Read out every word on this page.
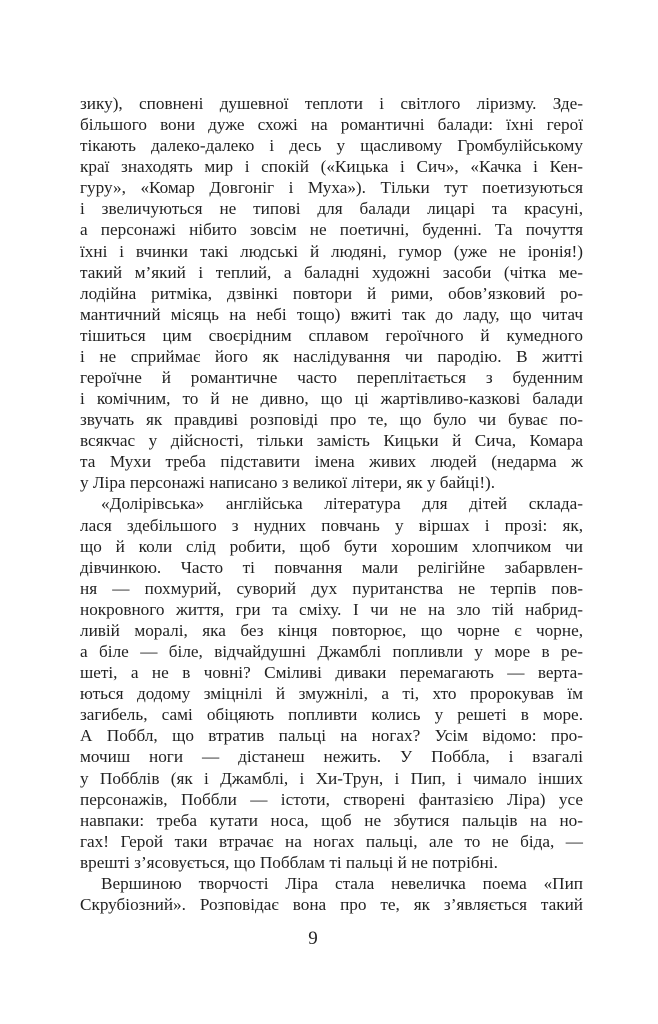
зику), сповнені душевної теплоти і світлого ліризму. Зде-
більшого вони дуже схожі на романтичні балади: їхні герої
тікають далеко-далеко і десь у щасливому Громбулійському
краї знаходять мир і спокій («Кицька і Сич», «Качка і Кен-
гуру», «Комар Довгоніг і Муха»). Тільки тут поетизуються
і звеличуються не типові для балади лицарі та красуні,
а персонажі нібито зовсім не поетичні, буденні. Та почуття
їхні і вчинки такі людські й людяні, гумор (уже не іронія!)
такий м’який і теплий, а баладні художні засоби (чітка ме-
лодійна ритміка, дзвінкі повтори й рими, обов’язковий ро-
мантичний місяць на небі тощо) вжиті так до ладу, що читач
тішиться цим своєрідним сплавом героїчного й кумедного
і не сприймає його як наслідування чи пародію. В житті
героїчне й романтичне часто переплітається з буденним
і комічним, то й не дивно, що ці жартівливо-казкові балади
звучать як правдиві розповіді про те, що було чи буває по-
всякчас у дійсності, тільки замість Кицьки й Сича, Комара
та Мухи треба підставити імена живих людей (недарма ж
у Ліра персонажі написано з великої літери, як у байці!).
«Долірівська» англійська література для дітей склада-
лася здебільшого з нудних повчань у віршах і прозі: як,
що й коли слід робити, щоб бути хорошим хлопчиком чи
дівчинкою. Часто ті повчання мали релігійне забарвлен-
ня — похмурий, суворий дух пуританства не терпів пов-
нокровного життя, гри та сміху. І чи не на зло тій набрид-
ливій моралі, яка без кінця повторює, що чорне є чорне,
а біле — біле, відчайдушні Джамблі попливли у море в ре-
шеті, а не в човні? Сміливі диваки перемагають — верта-
ються додому зміцнілі й змужнілі, а ті, хто пророкував їм
загибель, самі обіцяють попливти колись у решеті в море.
А Поббл, що втратив пальці на ногах? Усім відомо: про-
мочиш ноги — дістанеш нежить. У Поббла, і взагалі
у Побблів (як і Джамблі, і Хи-Трун, і Пип, і чимало інших
персонажів, Поббли — істоти, створені фантазією Ліра) усе
навпаки: треба кутати носа, щоб не збутися пальців на но-
гах! Герой таки втрачає на ногах пальці, але то не біда, —
врешті з’ясовується, що Побблам ті пальці й не потрібні.
Вершиною творчості Ліра стала невеличка поема «Пип
Скрубіозний». Розповідає вона про те, як з’являється такий
9
